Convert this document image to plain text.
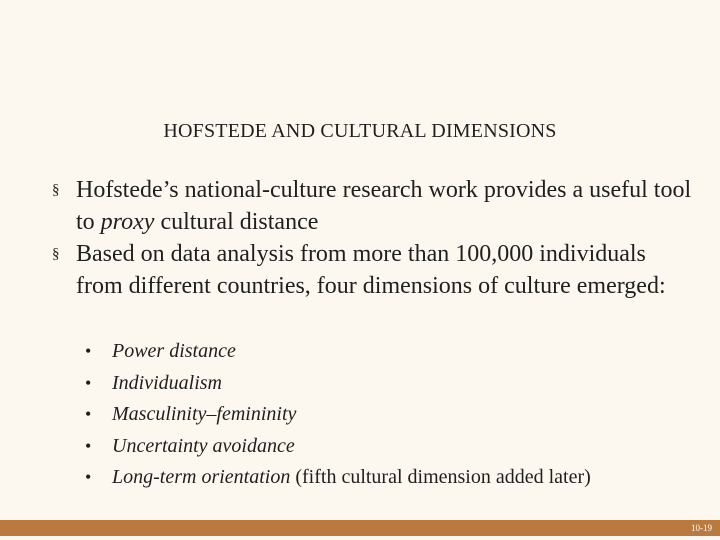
HOFSTEDE AND CULTURAL DIMENSIONS
§ Hofstede’s national-culture research work provides a useful tool to proxy cultural distance
§ Based on data analysis from more than 100,000 individuals from different countries, four dimensions of culture emerged:
• Power distance
• Individualism
• Masculinity–femininity
• Uncertainty avoidance
• Long-term orientation (fifth cultural dimension added later)
10-19
